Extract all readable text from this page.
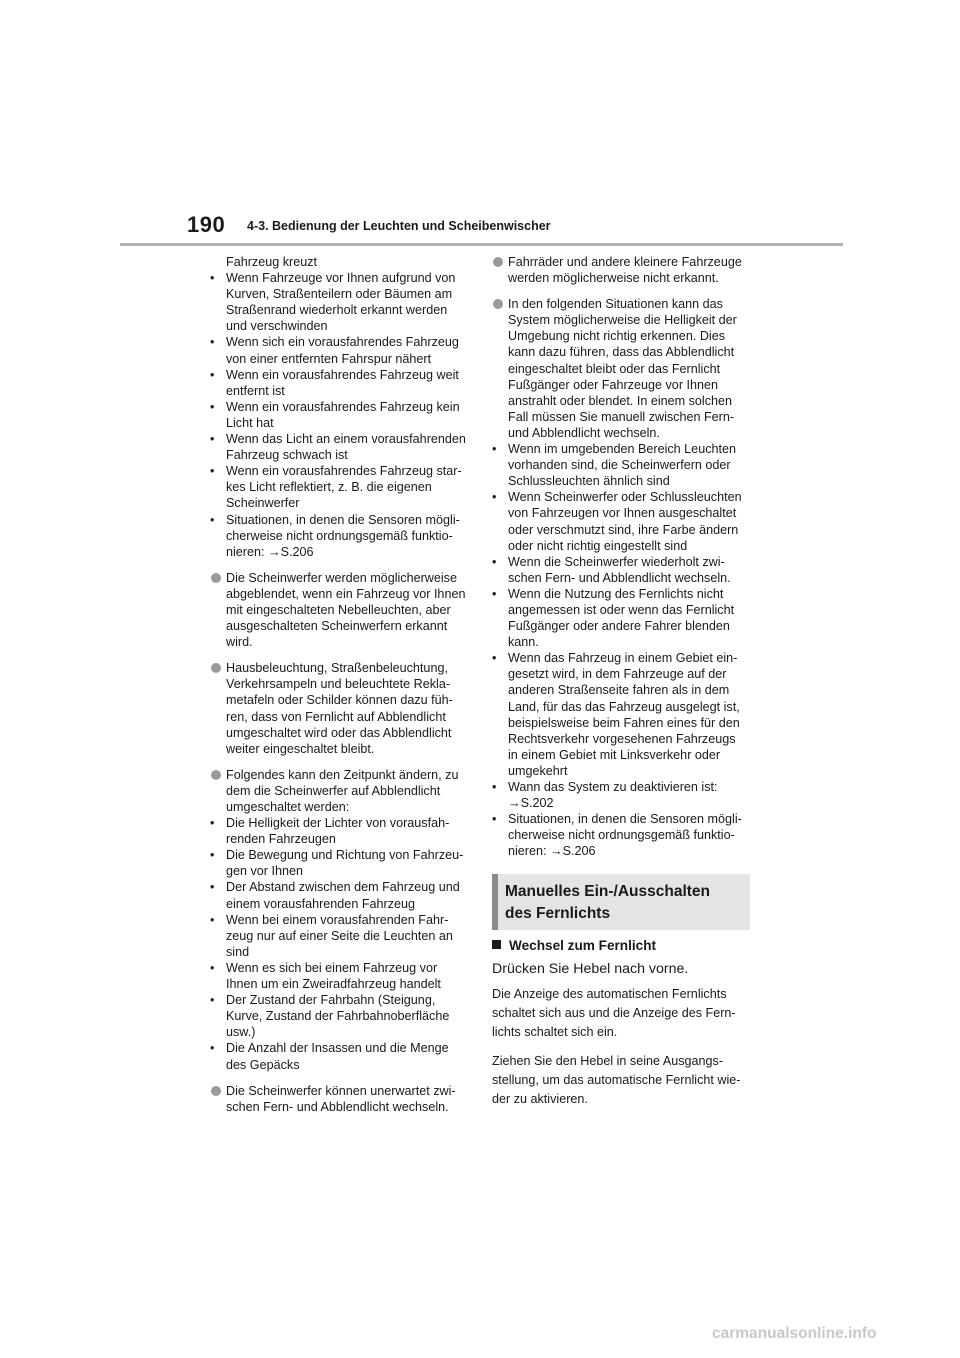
190 4-3. Bedienung der Leuchten und Scheibenwischer
Fahrzeug kreuzt
• Wenn Fahrzeuge vor Ihnen aufgrund von
Kurven, Straßenteilern oder Bäumen am
Straßenrand wiederholt erkannt werden
und verschwinden
• Wenn sich ein vorausfahrendes Fahrzeug
von einer entfernten Fahrspur nähert
• Wenn ein vorausfahrendes Fahrzeug weit
entfernt ist
• Wenn ein vorausfahrendes Fahrzeug kein
Licht hat
• Wenn das Licht an einem vorausfahrenden
Fahrzeug schwach ist
• Wenn ein vorausfahrendes Fahrzeug star-
kes Licht reflektiert, z. B. die eigenen
Scheinwerfer
• Situationen, in denen die Sensoren mögli-
cherweise nicht ordnungsgemäß funktio-
nieren: →S.206
Die Scheinwerfer werden möglicherweise
abgeblendet, wenn ein Fahrzeug vor Ihnen
mit eingeschalteten Nebelleuchten, aber
ausgeschalteten Scheinwerfern erkannt
wird.
Hausbeleuchtung, Straßenbeleuchtung,
Verkehrsampeln und beleuchtete Rekla-
metafeln oder Schilder können dazu füh-
ren, dass von Fernlicht auf Abblendlicht
umgeschaltet wird oder das Abblendlicht
weiter eingeschaltet bleibt.
Folgendes kann den Zeitpunkt ändern, zu
dem die Scheinwerfer auf Abblendlicht
umgeschaltet werden:
• Die Helligkeit der Lichter von vorausfah-
renden Fahrzeugen
• Die Bewegung und Richtung von Fahrzeu-
gen vor Ihnen
• Der Abstand zwischen dem Fahrzeug und
einem vorausfahrenden Fahrzeug
• Wenn bei einem vorausfahrenden Fahr-
zeug nur auf einer Seite die Leuchten an
sind
• Wenn es sich bei einem Fahrzeug vor
Ihnen um ein Zweiradfahrzeug handelt
• Der Zustand der Fahrbahn (Steigung,
Kurve, Zustand der Fahrbahnoberfläche
usw.)
• Die Anzahl der Insassen und die Menge
des Gepäcks
Die Scheinwerfer können unerwartet zwi-
schen Fern- und Abblendlicht wechseln.
Fahrräder und andere kleinere Fahrzeuge
werden möglicherweise nicht erkannt.
In den folgenden Situationen kann das
System möglicherweise die Helligkeit der
Umgebung nicht richtig erkennen. Dies
kann dazu führen, dass das Abblendlicht
eingeschaltet bleibt oder das Fernlicht
Fußgänger oder Fahrzeuge vor Ihnen
anstrahlt oder blendet. In einem solchen
Fall müssen Sie manuell zwischen Fern-
und Abblendlicht wechseln.
• Wenn im umgebenden Bereich Leuchten
vorhanden sind, die Scheinwerfern oder
Schlussleuchten ähnlich sind
• Wenn Scheinwerfer oder Schlussleuchten
von Fahrzeugen vor Ihnen ausgeschaltet
oder verschmutzt sind, ihre Farbe ändern
oder nicht richtig eingestellt sind
• Wenn die Scheinwerfer wiederholt zwi-
schen Fern- und Abblendlicht wechseln.
• Wenn die Nutzung des Fernlichts nicht
angemessen ist oder wenn das Fernlicht
Fußgänger oder andere Fahrer blenden
kann.
• Wenn das Fahrzeug in einem Gebiet ein-
gesetzt wird, in dem Fahrzeuge auf der
anderen Straßenseite fahren als in dem
Land, für das das Fahrzeug ausgelegt ist,
beispielsweise beim Fahren eines für den
Rechtsverkehr vorgesehenen Fahrzeugs
in einem Gebiet mit Linksverkehr oder
umgekehrt
• Wann das System zu deaktivieren ist:
→S.202
• Situationen, in denen die Sensoren mögli-
cherweise nicht ordnungsgemäß funktio-
nieren: →S.206
Manuelles Ein-/Ausschalten
des Fernlichts
Wechsel zum Fernlicht
Drücken Sie Hebel nach vorne.
Die Anzeige des automatischen Fernlichts
schaltet sich aus und die Anzeige des Fern-
lichts schaltet sich ein.
Ziehen Sie den Hebel in seine Ausgangs-
stellung, um das automatische Fernlicht wie-
der zu aktivieren.
carmanualsonline.info
